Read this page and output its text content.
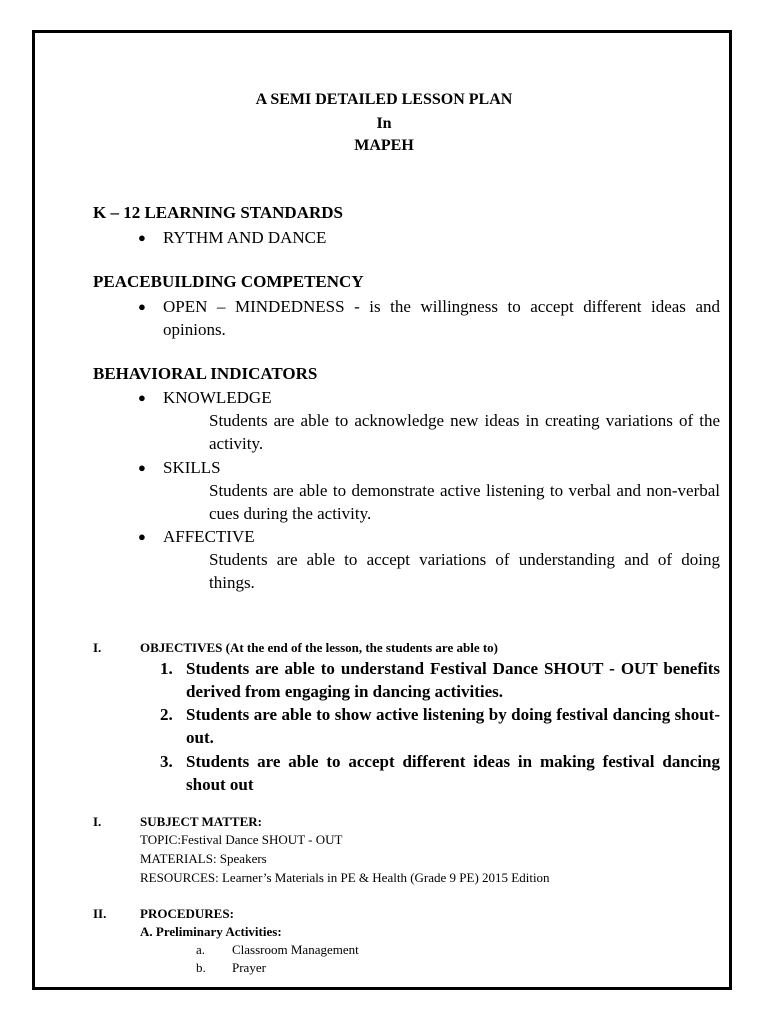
A SEMI DETAILED LESSON PLAN
In
MAPEH
K – 12 LEARNING STANDARDS
● RYTHM AND DANCE
PEACEBUILDING COMPETENCY
● OPEN – MINDEDNESS - is the willingness to accept different ideas and opinions.
BEHAVIORAL INDICATORS
● KNOWLEDGE
Students are able to acknowledge new ideas in creating variations of the activity.
● SKILLS
Students are able to demonstrate active listening to verbal and non-verbal cues during the activity.
● AFFECTIVE
Students are able to accept variations of understanding and of doing things.
I.	OBJECTIVES (At the end of the lesson, the students are able to)
1. Students are able to understand Festival Dance SHOUT - OUT benefits derived from engaging in dancing activities.
2. Students are able to show active listening by doing festival dancing shout- out.
3. Students are able to accept different ideas in making festival dancing shout out
I.	SUBJECT MATTER:
TOPIC:Festival Dance SHOUT - OUT
MATERIALS: Speakers
RESOURCES: Learner’s Materials in PE & Health (Grade 9 PE) 2015 Edition
II.	PROCEDURES:
A. Preliminary Activities:
a. Classroom Management
b. Prayer
